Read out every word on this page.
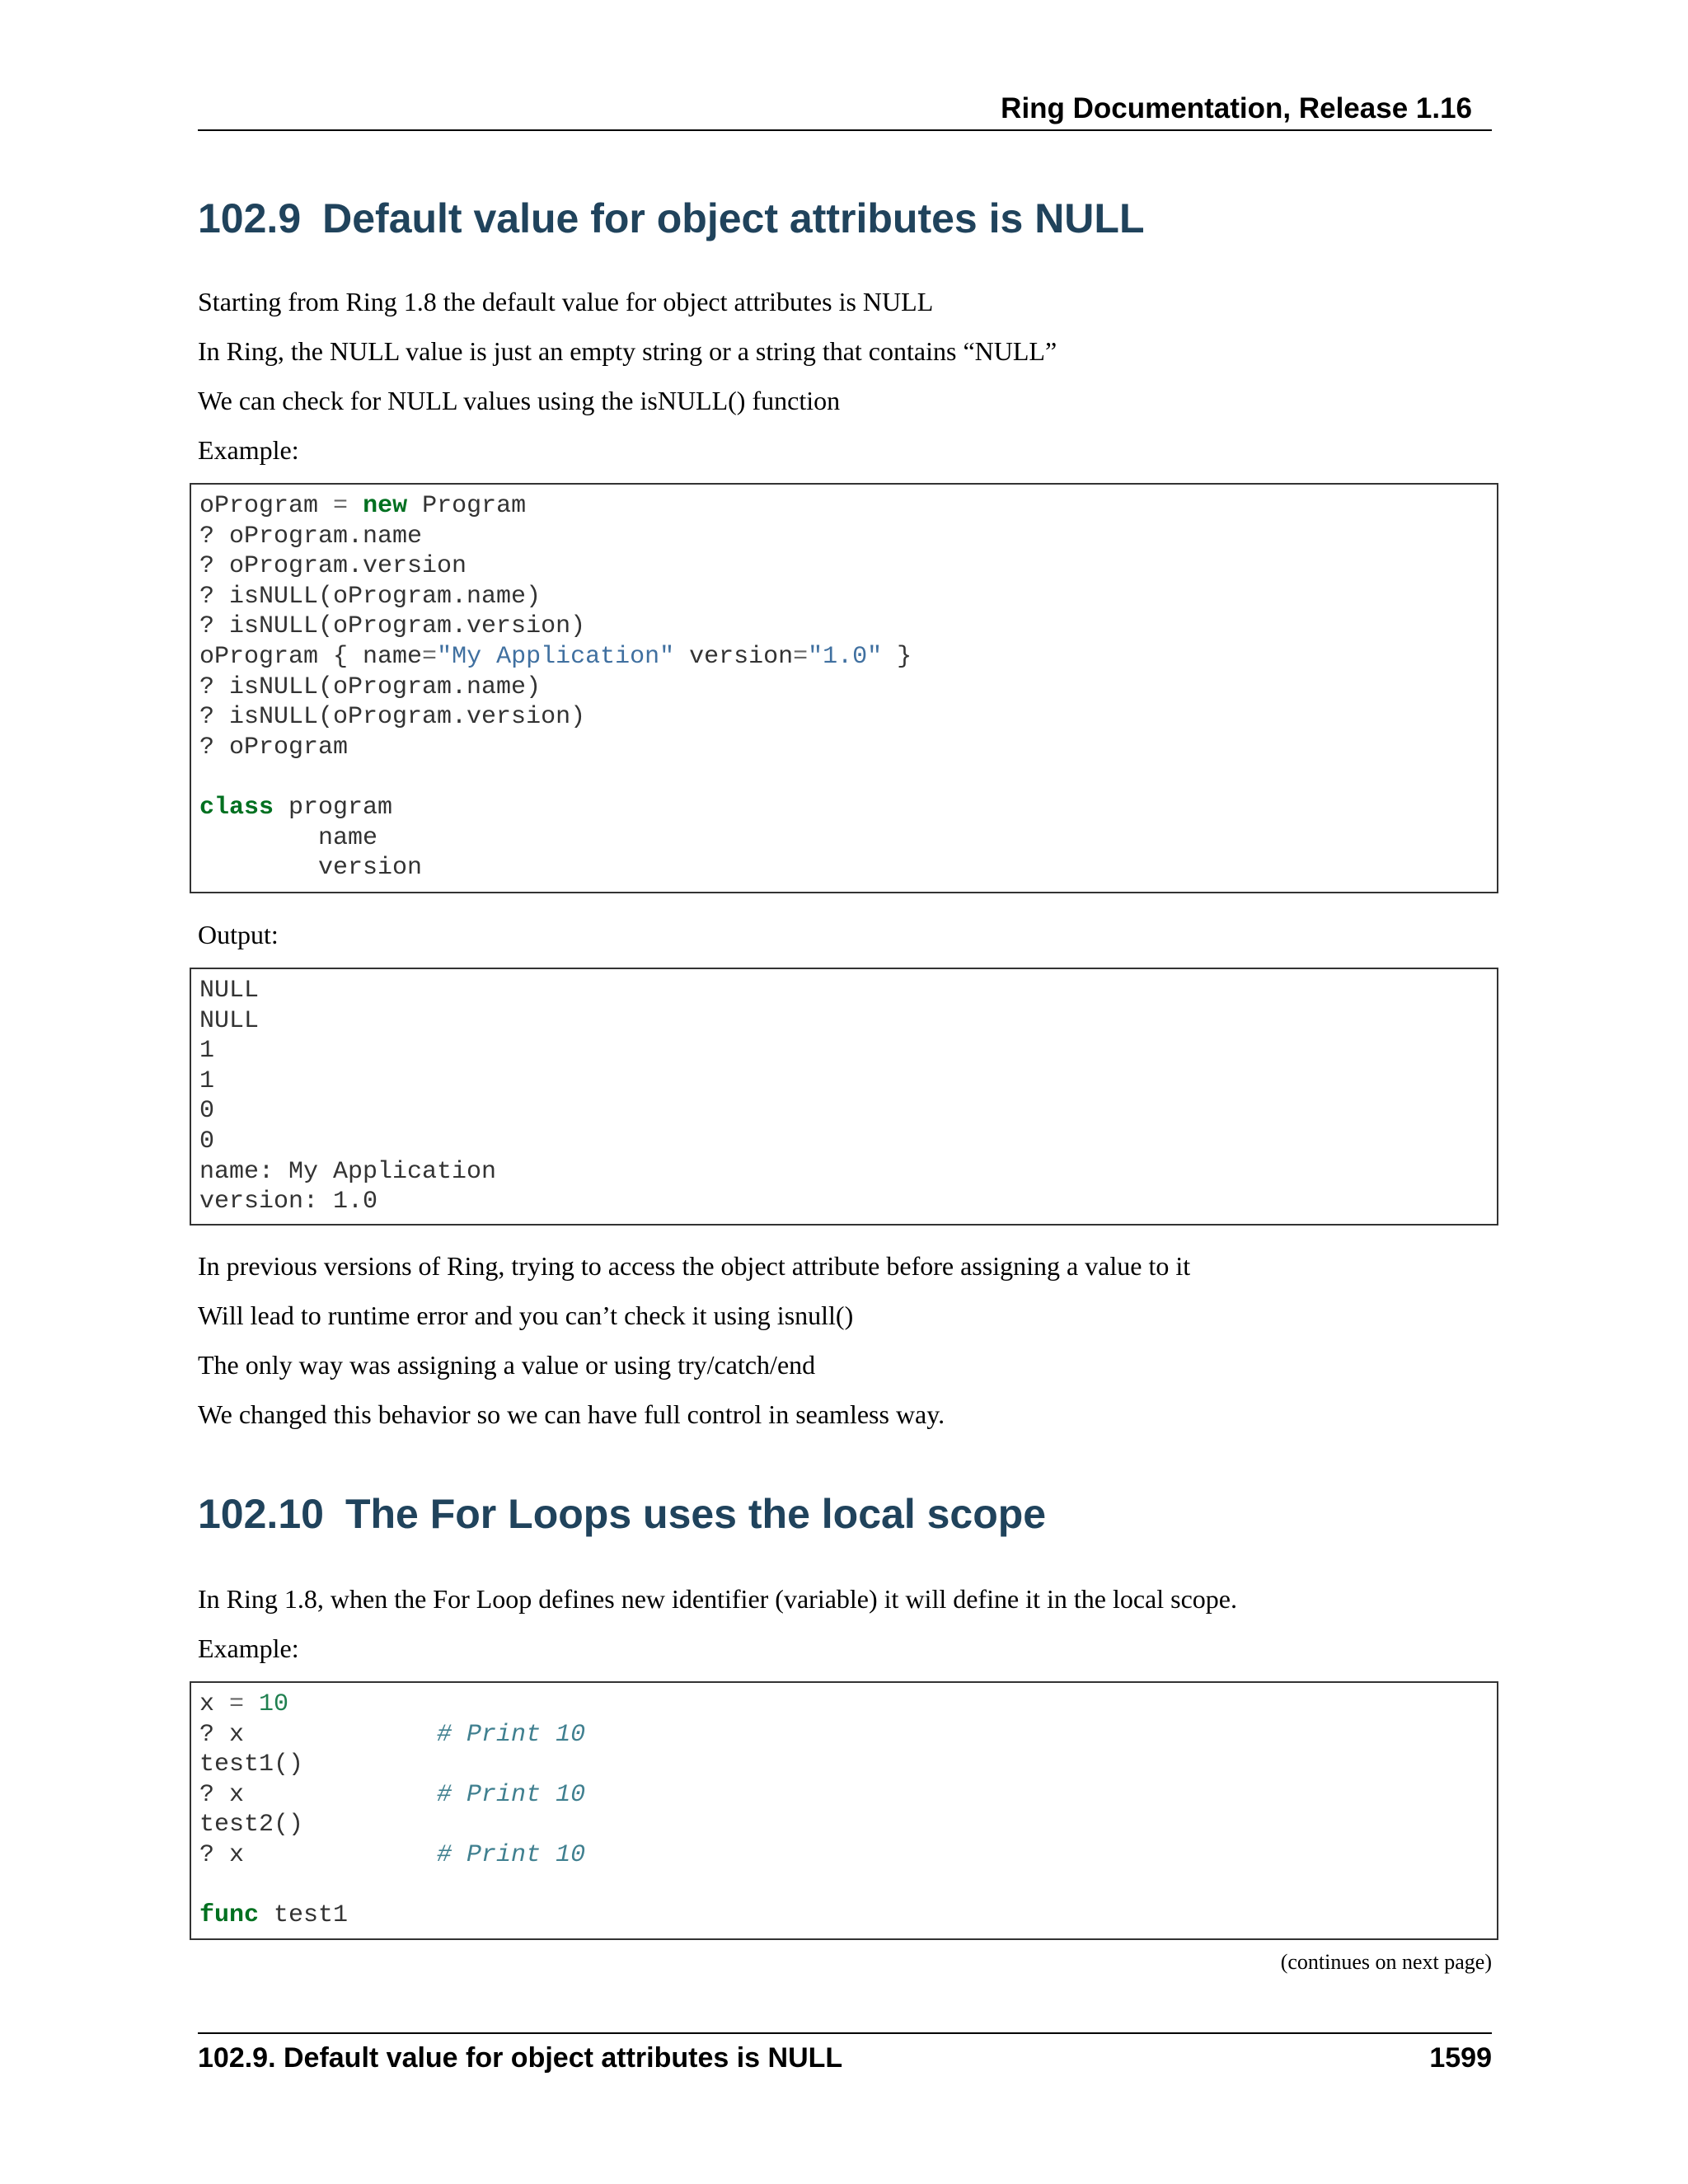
Ring Documentation, Release 1.16
102.9 Default value for object attributes is NULL

Starting from Ring 1.8 the default value for object attributes is NULL

In Ring, the NULL value is just an empty string or a string that contains “NULL”

We can check for NULL values using the isNULL() function

Example:

oProgram = new Program
? oProgram.name
? oProgram.version
? isNULL(oProgram.name)
? isNULL(oProgram.version)
oProgram { name="My Application" version="1.0" }
? isNULL(oProgram.name)
? isNULL(oProgram.version)
? oProgram
class program
name
version

Output:

NULL
NULL
1
1
0
0
name: My Application
version: 1.0

In previous versions of Ring, trying to access the object attribute before assigning a value to it

Will lead to runtime error and you can’t check it using isnull()

The only way was assigning a value or using try/catch/end

We changed this behavior so we can have full control in seamless way.

102.10 The For Loops uses the local scope

In Ring 1.8, when the For Loop defines new identifier (variable) it will define it in the local scope.

Example:

x = 10
? x             # Print 10
test1()
? x             # Print 10
test2()
? x             # Print 10
func test1
(continues on next page)
102.9. Default value for object attributes is NULL	1599
